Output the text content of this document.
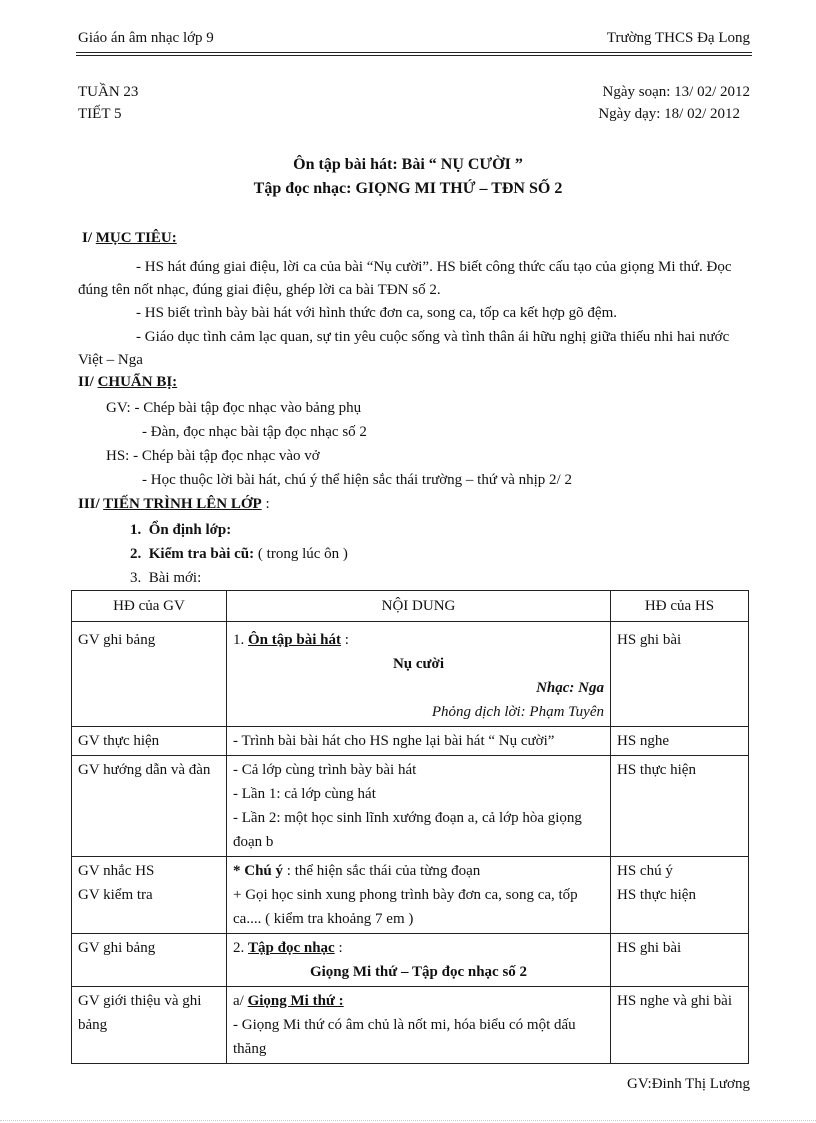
Giáo án âm nhạc lớp 9	Trường THCS Đạ Long
TUẦN 23
TIẾT 5
Ngày soạn: 13/ 02/ 2012
Ngày dạy: 18/ 02/ 2012
Ôn tập bài hát: Bài “ NỤ CƯỜI ”
Tập đọc nhạc: GIỌNG MI THỨ – TĐN SỐ 2
I/ MỤC TIÊU:
- HS hát đúng giai điệu, lời ca của bài “Nụ cười”. HS biết công thức cấu tạo của giọng Mi thứ. Đọc đúng tên nốt nhạc, đúng giai điệu, ghép lời ca bài TĐN số 2.
- HS biết trình bày bài hát với hình thức đơn ca, song ca, tốp ca kết hợp gõ đệm.
- Giáo dục tình cảm lạc quan, sự tin yêu cuộc sống và tình thân ái hữu nghị giữa thiếu nhi hai nước Việt – Nga
II/ CHUẨN BỊ:
GV: - Chép bài tập đọc nhạc vào bảng phụ
- Đàn, đọc nhạc bài tập đọc nhạc số 2
HS: - Chép bài tập đọc nhạc vào vở
- Học thuộc lời bài hát, chú ý thể hiện sắc thái trường – thứ và nhịp 2/ 2
III/ TIẾN TRÌNH LÊN LỚP :
1. Ổn định lớp:
2. Kiểm tra bài cũ: ( trong lúc ôn )
3. Bài mới:
HĐ của GV	NỘI DUNG	HĐ của HS
GV ghi bảng	1. Ôn tập bài hát :
Nụ cười
Nhạc: Nga
Phỏng dịch lời: Phạm Tuyên	HS ghi bài
GV thực hiện	- Trình bài bài hát cho HS nghe lại bài hát “ Nụ cười”	HS nghe
GV hướng dẫn và đàn	- Cả lớp cùng trình bày bài hát
- Lần 1: cả lớp cùng hát
- Lần 2: một học sinh lĩnh xướng đoạn a, cả lớp hòa giọng đoạn b	HS thực hiện

GV nhắc HS
GV kiểm tra	* Chú ý : thể hiện sắc thái của từng đoạn
+ Gọi học sinh xung phong trình bày đơn ca, song ca, tốp ca.... ( kiểm tra khoảng 7 em )	HS chú ý
HS thực hiện

GV ghi bảng	2. Tập đọc nhạc :
Giọng Mi thứ – Tập đọc nhạc số 2	HS ghi bài
GV giới thiệu và ghi bảng	a/ Giọng Mi thứ :
- Giọng Mi thứ có âm chủ là nốt mi, hóa biểu có một dấu thăng	HS nghe và ghi bài
GV:Đinh Thị Lương
